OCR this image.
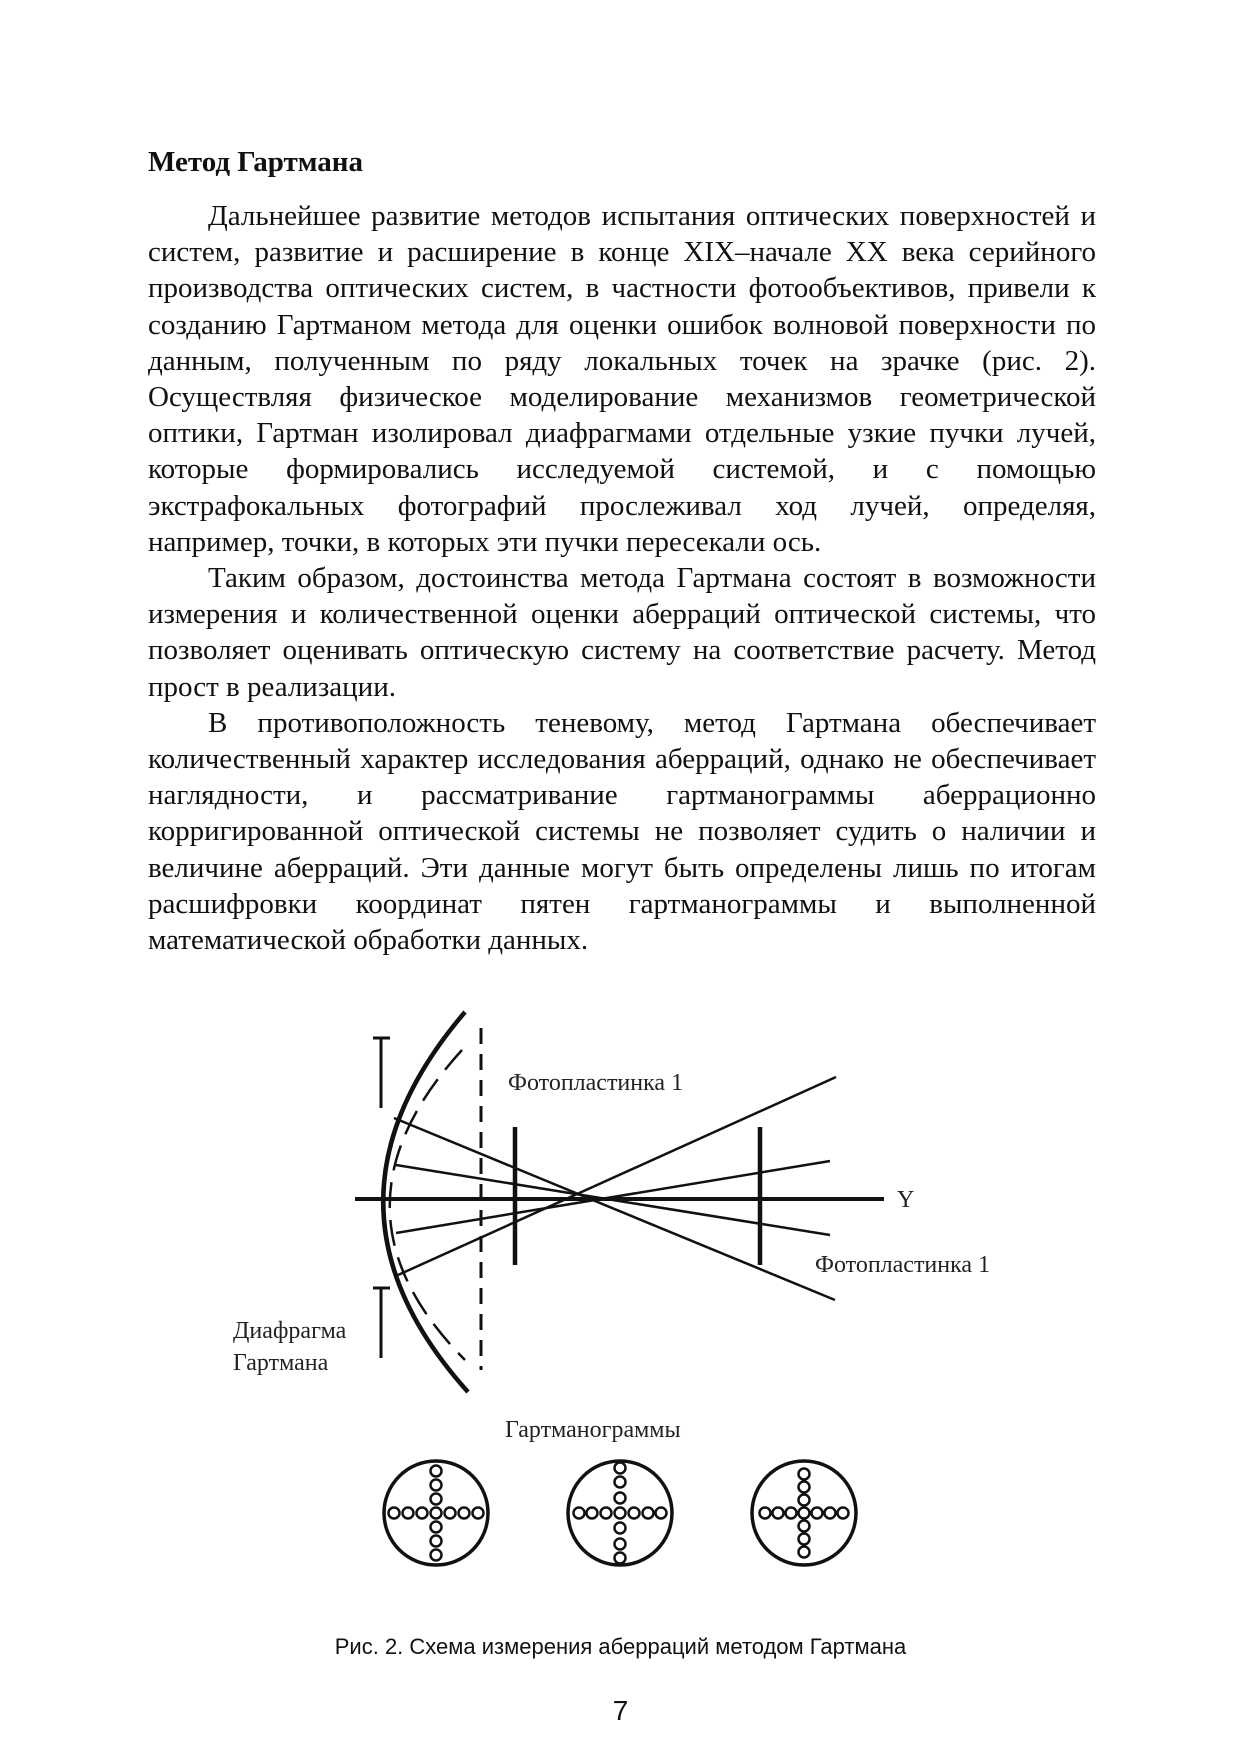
Метод Гартмана

Дальнейшее развитие методов испытания оптических поверхностей и систем, развитие и расширение в конце XIX–начале XX века серийного производства оптических систем, в частности фотообъективов, привели к созданию Гартманом метода для оценки ошибок волновой поверхности по данным, полученным по ряду локальных точек на зрачке (рис. 2). Осуществляя физическое моделирование механизмов геометрической оптики, Гартман изолировал диафрагмами отдельные узкие пучки лучей, которые формировались исследуемой системой, и с помощью экстрафокальных фотографий прослеживал ход лучей, определяя, например, точки, в которых эти пучки пересекали ось.

Таким образом, достоинства метода Гартмана состоят в возможности измерения и количественной оценки аберраций оптической системы, что позволяет оценивать оптическую систему на соответствие расчету. Метод прост в реализации.

В противоположность теневому, метод Гартмана обеспечивает количественный характер исследования аберраций, однако не обеспечивает наглядности, и рассматривание гартманограммы аберрационно корригированной оптической системы не позволяет судить о наличии и величине аберраций. Эти данные могут быть определены лишь по итогам расшифровки координат пятен гартманограммы и выполненной математической обработки данных.

Фотопластинка 1
Фотопластинка 1
Y
Диафрагма
Гартмана
Гартманограммы
Рис. 2. Схема измерения аберраций методом Гартмана
7
